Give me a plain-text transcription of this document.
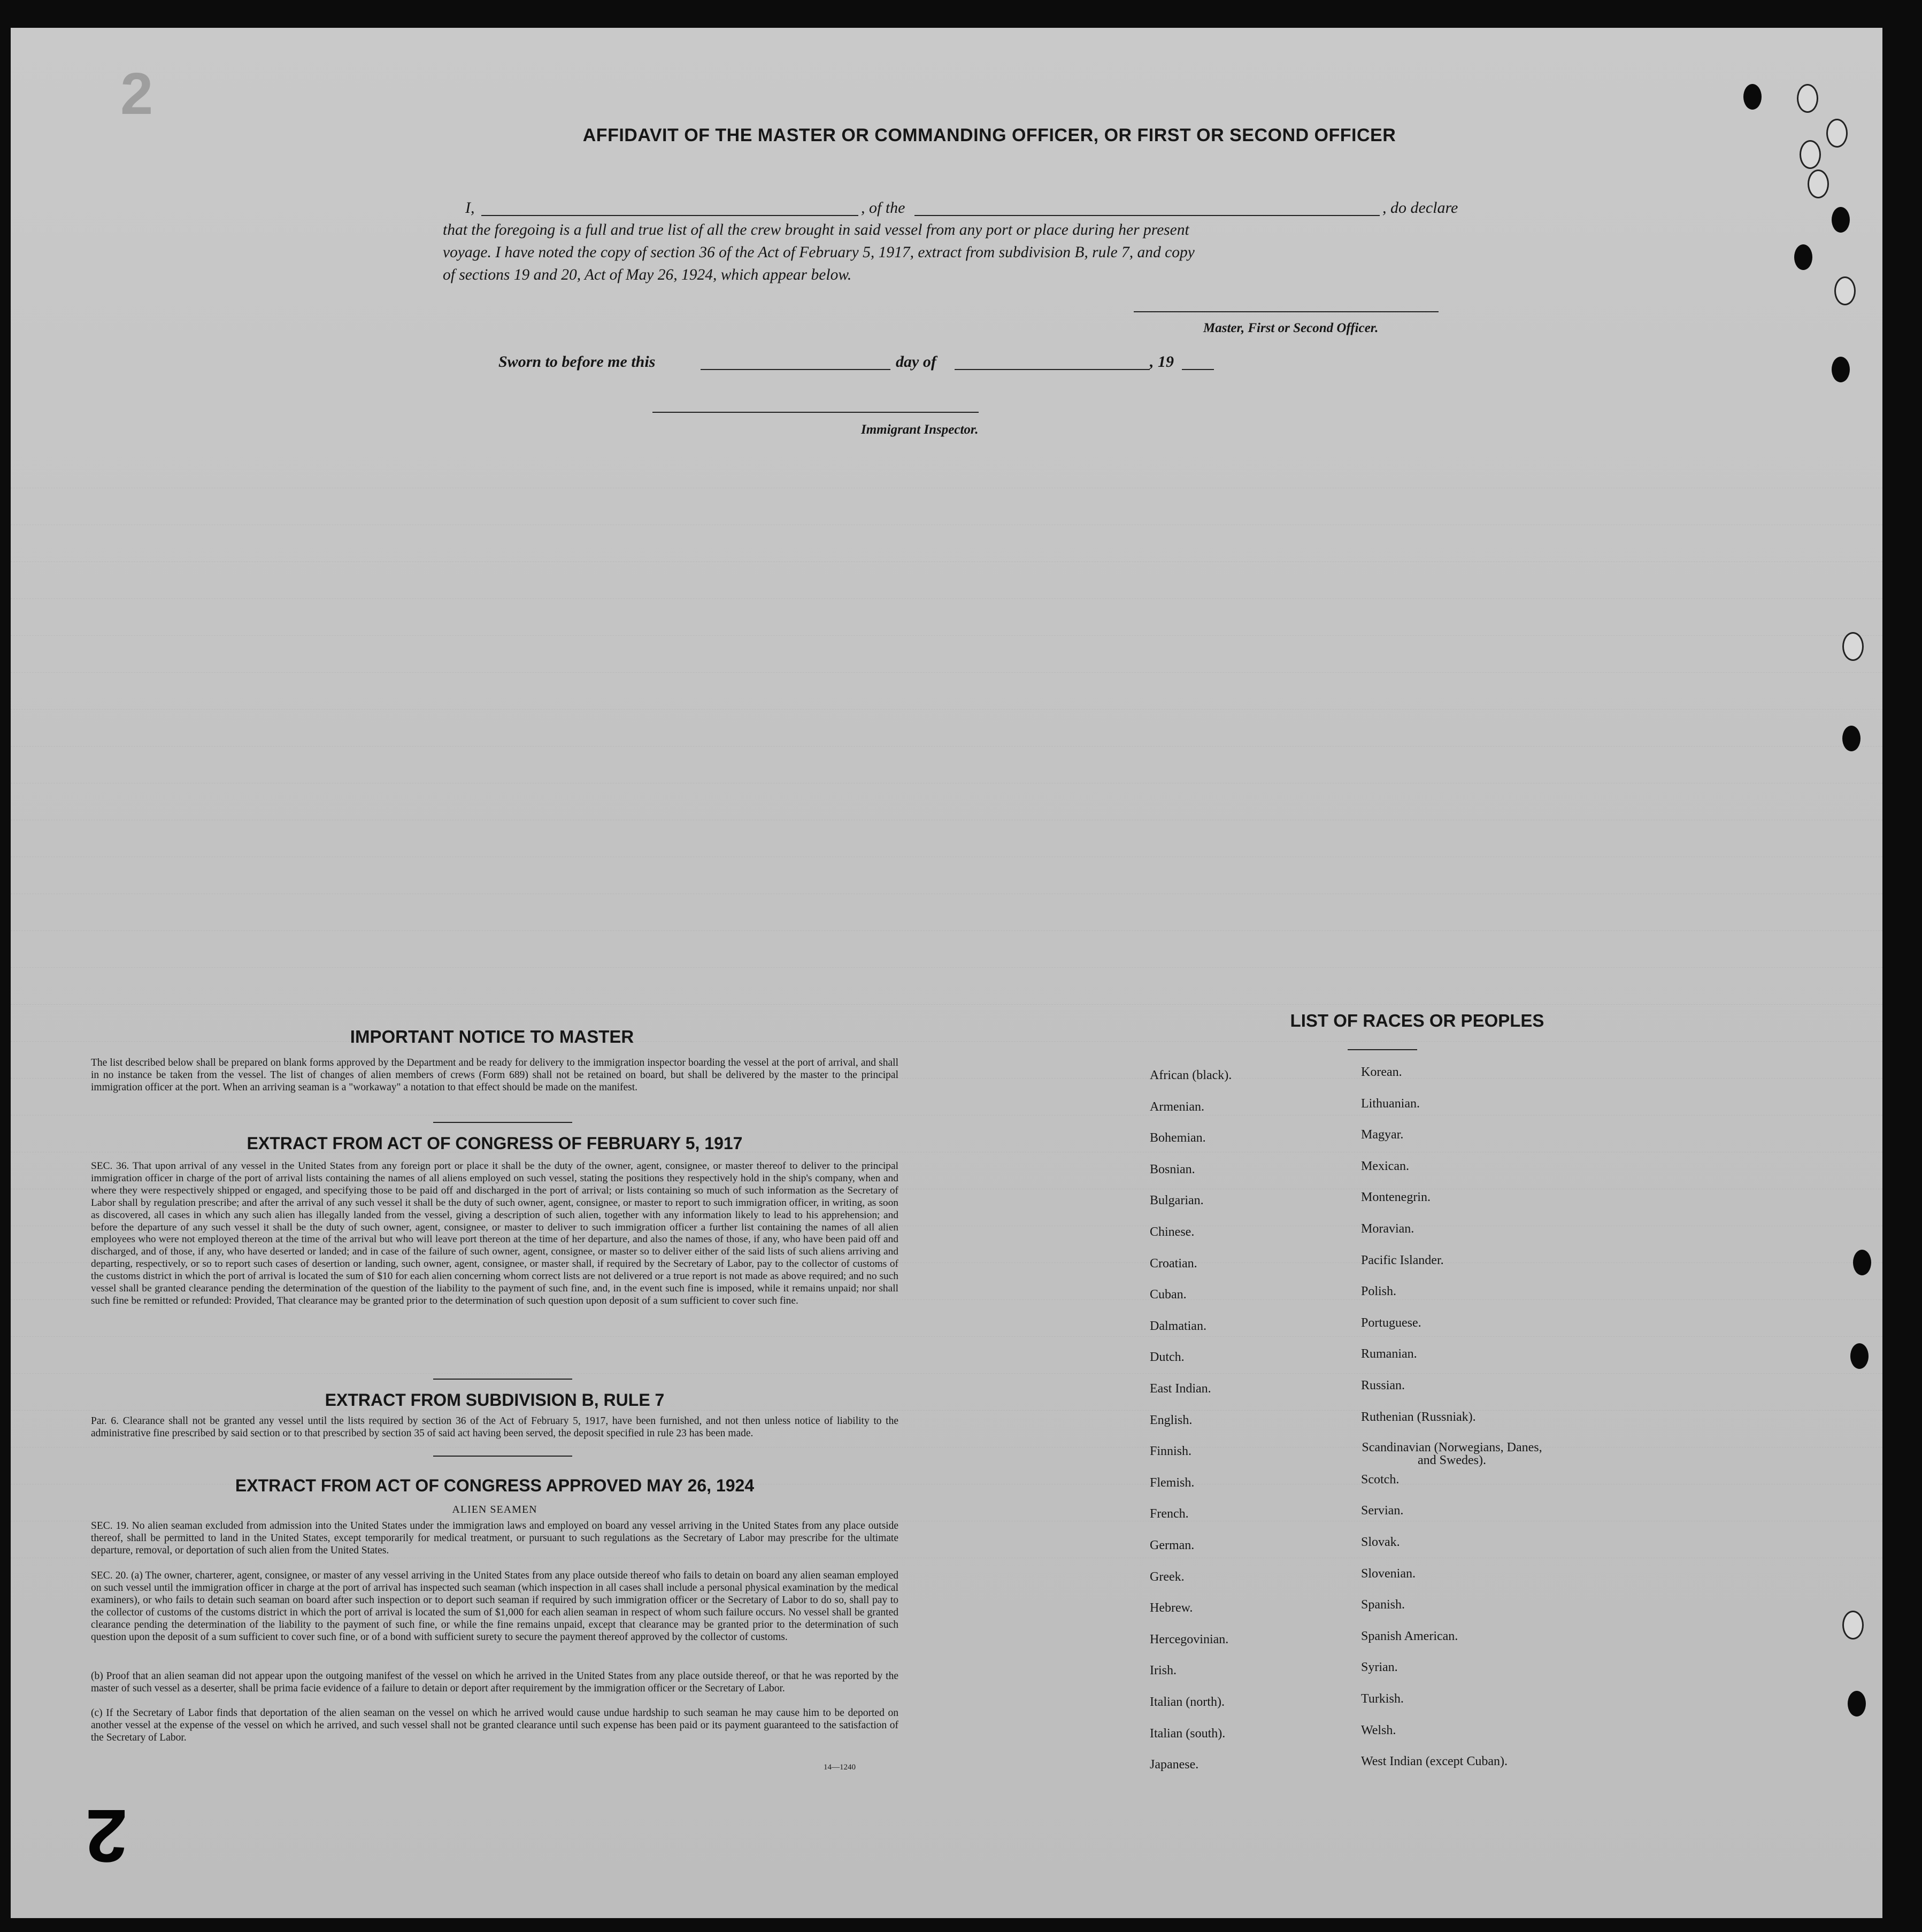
2
AFFIDAVIT OF THE MASTER OR COMMANDING OFFICER, OR FIRST OR SECOND OFFICER
I,	, of the	, do declare
that the foregoing is a full and true list of all the crew brought in said vessel from any port or place during her present
voyage. I have noted the copy of section 36 of the Act of February 5, 1917, extract from subdivision B, rule 7, and copy
of sections 19 and 20, Act of May 26, 1924, which appear below.
Master, First or Second Officer.
Sworn to before me this	day of	, 19
Immigrant Inspector.
IMPORTANT NOTICE TO MASTER
The list described below shall be prepared on blank forms approved by the Department and be ready for delivery to the immigration inspector boarding the vessel at the port of arrival, and shall in no instance be taken from the vessel. The list of changes of alien members of crews (Form 689) shall not be retained on board, but shall be delivered by the master to the principal immigration officer at the port. When an arriving seaman is a "workaway" a notation to that effect should be made on the manifest.
EXTRACT FROM ACT OF CONGRESS OF FEBRUARY 5, 1917
SEC. 36. That upon arrival of any vessel in the United States from any foreign port or place it shall be the duty of the owner, agent, consignee, or master thereof to deliver to the principal immigration officer in charge of the port of arrival lists containing the names of all aliens employed on such vessel, stating the positions they respectively hold in the ship's company, when and where they were respectively shipped or engaged, and specifying those to be paid off and discharged in the port of arrival; or lists containing so much of such information as the Secretary of Labor shall by regulation prescribe; and after the arrival of any such vessel it shall be the duty of such owner, agent, consignee, or master to report to such immigration officer, in writing, as soon as discovered, all cases in which any such alien has illegally landed from the vessel, giving a description of such alien, together with any information likely to lead to his apprehension; and before the departure of any such vessel it shall be the duty of such owner, agent, consignee, or master to deliver to such immigration officer a further list containing the names of all alien employees who were not employed thereon at the time of the arrival but who will leave port thereon at the time of her departure, and also the names of those, if any, who have been paid off and discharged, and of those, if any, who have deserted or landed; and in case of the failure of such owner, agent, consignee, or master so to deliver either of the said lists of such aliens arriving and departing, respectively, or so to report such cases of desertion or landing, such owner, agent, consignee, or master shall, if required by the Secretary of Labor, pay to the collector of customs of the customs district in which the port of arrival is located the sum of $10 for each alien concerning whom correct lists are not delivered or a true report is not made as above required; and no such vessel shall be granted clearance pending the determination of the question of the liability to the payment of such fine, and, in the event such fine is imposed, while it remains unpaid; nor shall such fine be remitted or refunded: Provided, That clearance may be granted prior to the determination of such question upon deposit of a sum sufficient to cover such fine.
EXTRACT FROM SUBDIVISION B, RULE 7
Par. 6. Clearance shall not be granted any vessel until the lists required by section 36 of the Act of February 5, 1917, have been furnished, and not then unless notice of liability to the administrative fine prescribed by said section or to that prescribed by section 35 of said act having been served, the deposit specified in rule 23 has been made.
EXTRACT FROM ACT OF CONGRESS APPROVED MAY 26, 1924
ALIEN SEAMEN
SEC. 19. No alien seaman excluded from admission into the United States under the immigration laws and employed on board any vessel arriving in the United States from any place outside thereof, shall be permitted to land in the United States, except temporarily for medical treatment, or pursuant to such regulations as the Secretary of Labor may prescribe for the ultimate departure, removal, or deportation of such alien from the United States.
SEC. 20. (a) The owner, charterer, agent, consignee, or master of any vessel arriving in the United States from any place outside thereof who fails to detain on board any alien seaman employed on such vessel until the immigration officer in charge at the port of arrival has inspected such seaman (which inspection in all cases shall include a personal physical examination by the medical examiners), or who fails to detain such seaman on board after such inspection or to deport such seaman if required by such immigration officer or the Secretary of Labor to do so, shall pay to the collector of customs of the customs district in which the port of arrival is located the sum of $1,000 for each alien seaman in respect of whom such failure occurs. No vessel shall be granted clearance pending the determination of the liability to the payment of such fine, or while the fine remains unpaid, except that clearance may be granted prior to the determination of such question upon the deposit of a sum sufficient to cover such fine, or of a bond with sufficient surety to secure the payment thereof approved by the collector of customs.
(b) Proof that an alien seaman did not appear upon the outgoing manifest of the vessel on which he arrived in the United States from any place outside thereof, or that he was reported by the master of such vessel as a deserter, shall be prima facie evidence of a failure to detain or deport after requirement by the immigration officer or the Secretary of Labor.
(c) If the Secretary of Labor finds that deportation of the alien seaman on the vessel on which he arrived would cause undue hardship to such seaman he may cause him to be deported on another vessel at the expense of the vessel on which he arrived, and such vessel shall not be granted clearance until such expense has been paid or its payment guaranteed to the satisfaction of the Secretary of Labor.
14—1240
LIST OF RACES OR PEOPLES
African (black).
Armenian.
Bohemian.
Bosnian.
Bulgarian.
Chinese.
Croatian.
Cuban.
Dalmatian.
Dutch.
East Indian.
English.
Finnish.
Flemish.
French.
German.
Greek.
Hebrew.
Hercegovinian.
Irish.
Italian (north).
Italian (south).
Japanese.
Korean.
Lithuanian.
Magyar.
Mexican.
Montenegrin.
Moravian.
Pacific Islander.
Polish.
Portuguese.
Rumanian.
Russian.
Ruthenian (Russniak).
Scandinavian (Norwegians, Danes, and Swedes).
Scotch.
Servian.
Slovak.
Slovenian.
Spanish.
Spanish American.
Syrian.
Turkish.
Welsh.
West Indian (except Cuban).
2
